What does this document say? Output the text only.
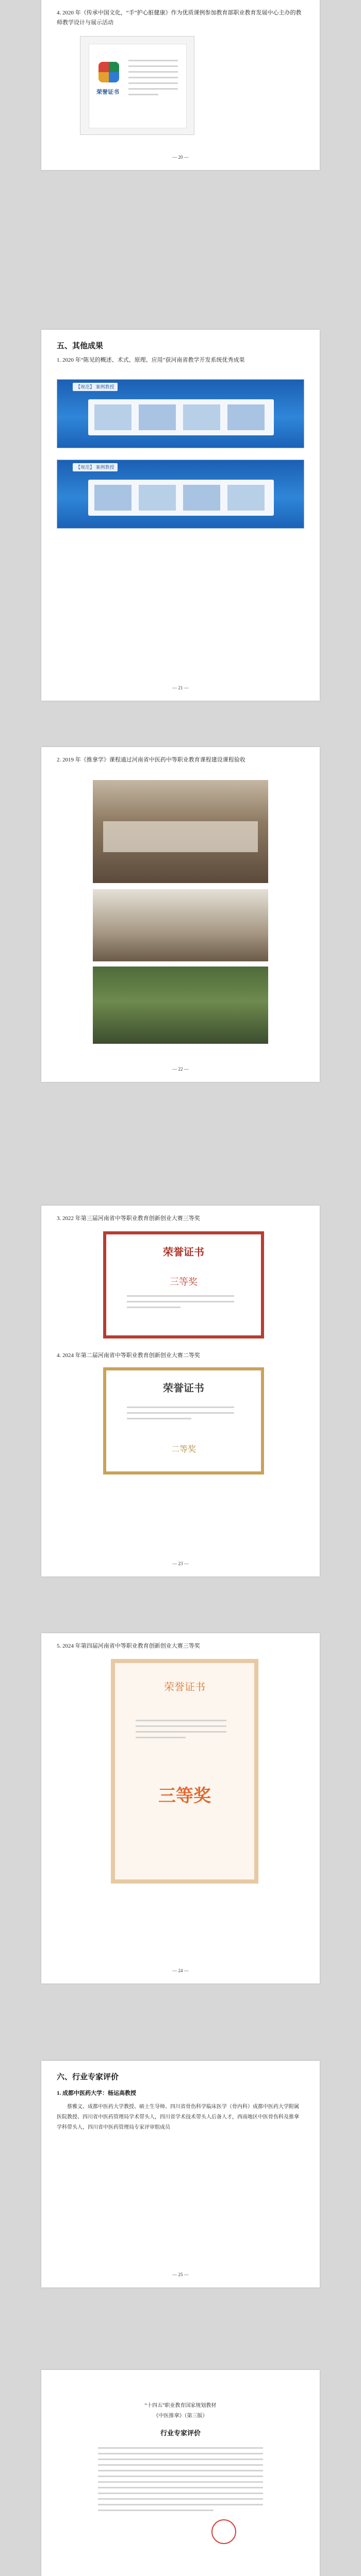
4. 2020 年《传承中国文化，“手”护心脏健康》作为优质课例参加教育部职业教育发展中心主办的教师教学设计与展示活动
荣誉证书
— 20 —
五、其他成果
1. 2020 年“陈见的概述、术式、原理、应用”获河南省教学开发系统优秀成果
【规范】 案例教授
【规范】 案例教授
— 21 —
2. 2019 年《推拿学》课程通过河南省中医药中等职业教育课程建设课程验收
— 22 —
3. 2022 年第三届河南省中等职业教育创新创业大赛三等奖
荣誉证书
三等奖
4. 2024 年第二届河南省中等职业教育创新创业大赛二等奖
荣誉证书
二等奖
— 23 —
5. 2024 年第四届河南省中等职业教育创新创业大赛三等奖
荣誉证书
三等奖
— 24 —
六、行业专家评价
1. 成都中医药大学：杨运高教授
蔡雅文、成都中医药大学教授、硕士生导师、四川省骨伤科学临床医学（骨内科）成都中医药大学附属医院教授、四川省中医药管理局学术带头人，四川省学术技术带头人后备人才，西南地区中医骨伤科及推拿学科带头人，四川省中医药管理局专家评审组成员
— 25 —
“十四五”职业教育国家规划教材
《中医推拿》（第三版）
行业专家评价
